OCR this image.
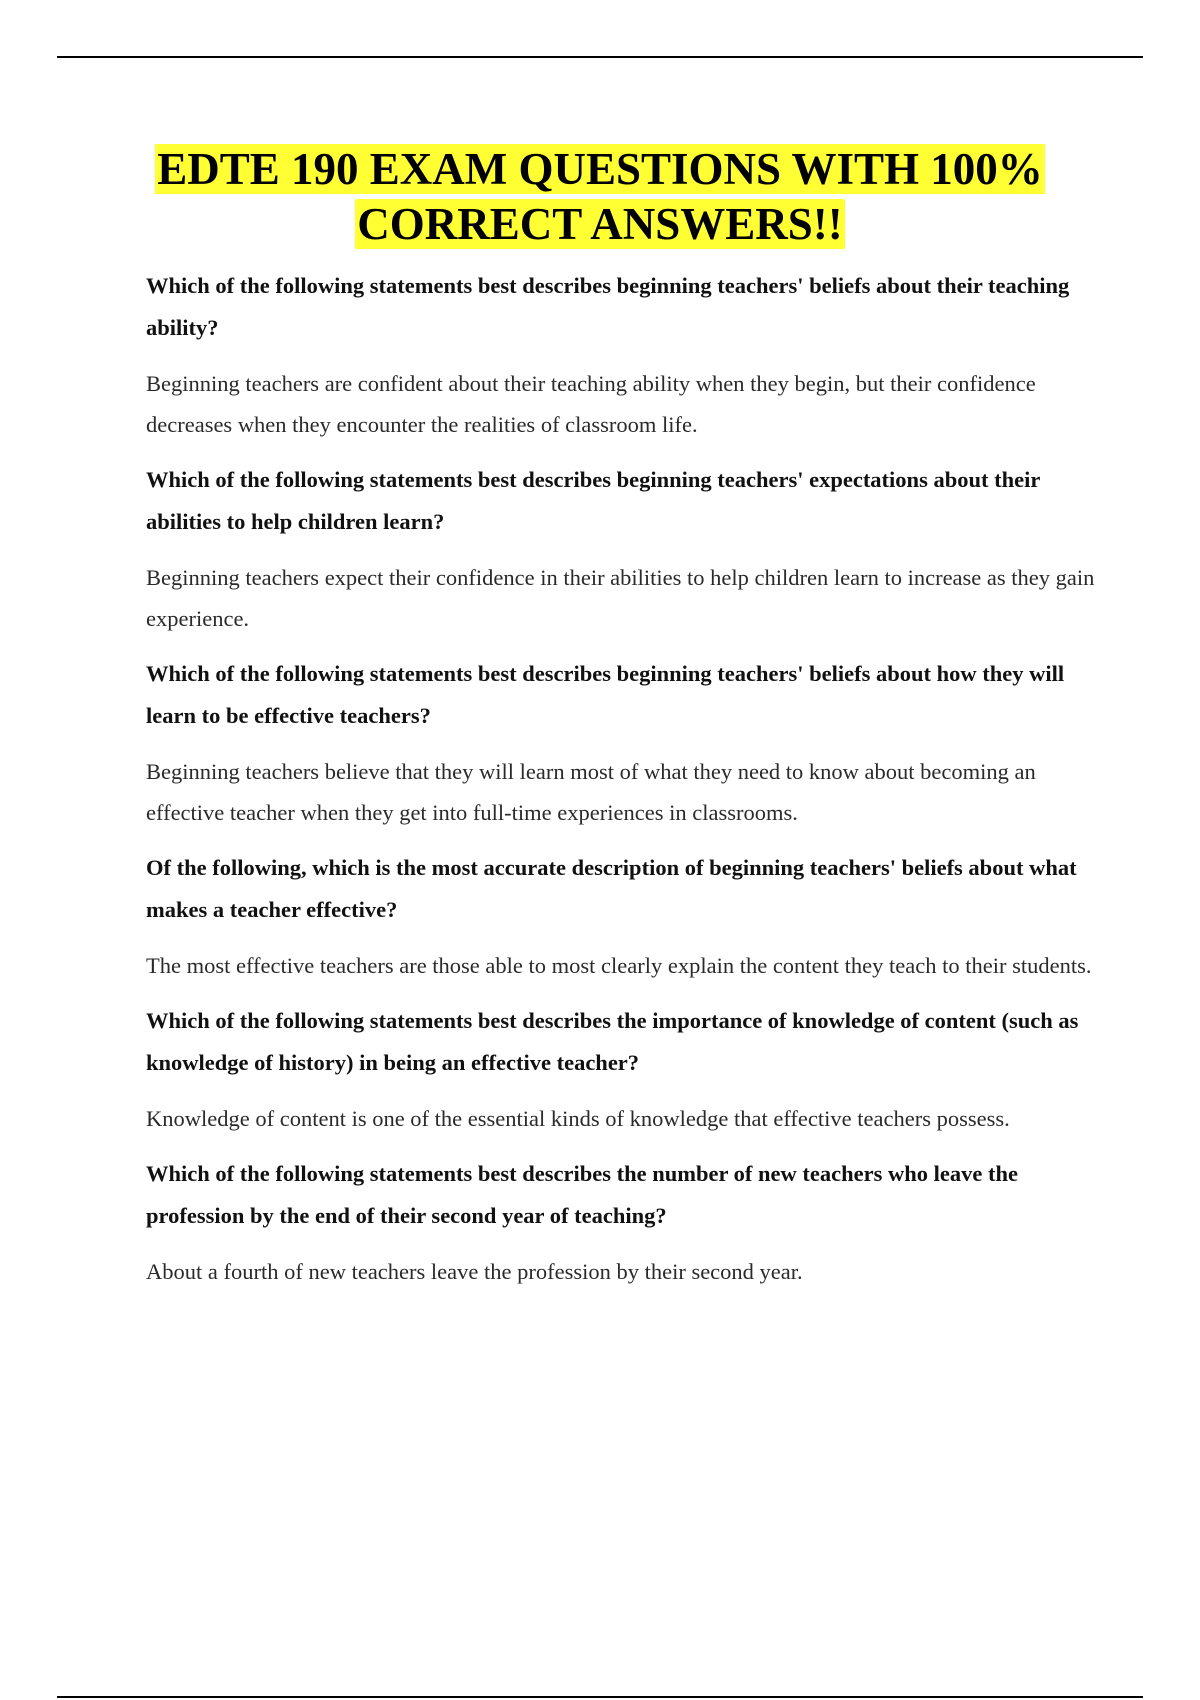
EDTE 190 EXAM QUESTIONS WITH 100%
CORRECT ANSWERS!!

Which of the following statements best describes beginning teachers' beliefs about their teaching ability?

Beginning teachers are confident about their teaching ability when they begin, but their confidence decreases when they encounter the realities of classroom life.

Which of the following statements best describes beginning teachers' expectations about their abilities to help children learn?

Beginning teachers expect their confidence in their abilities to help children learn to increase as they gain experience.

Which of the following statements best describes beginning teachers' beliefs about how they will learn to be effective teachers?

Beginning teachers believe that they will learn most of what they need to know about becoming an effective teacher when they get into full-time experiences in classrooms.

Of the following, which is the most accurate description of beginning teachers' beliefs about what makes a teacher effective?

The most effective teachers are those able to most clearly explain the content they teach to their students.

Which of the following statements best describes the importance of knowledge of content (such as knowledge of history) in being an effective teacher?

Knowledge of content is one of the essential kinds of knowledge that effective teachers possess.

Which of the following statements best describes the number of new teachers who leave the profession by the end of their second year of teaching?

About a fourth of new teachers leave the profession by their second year.
